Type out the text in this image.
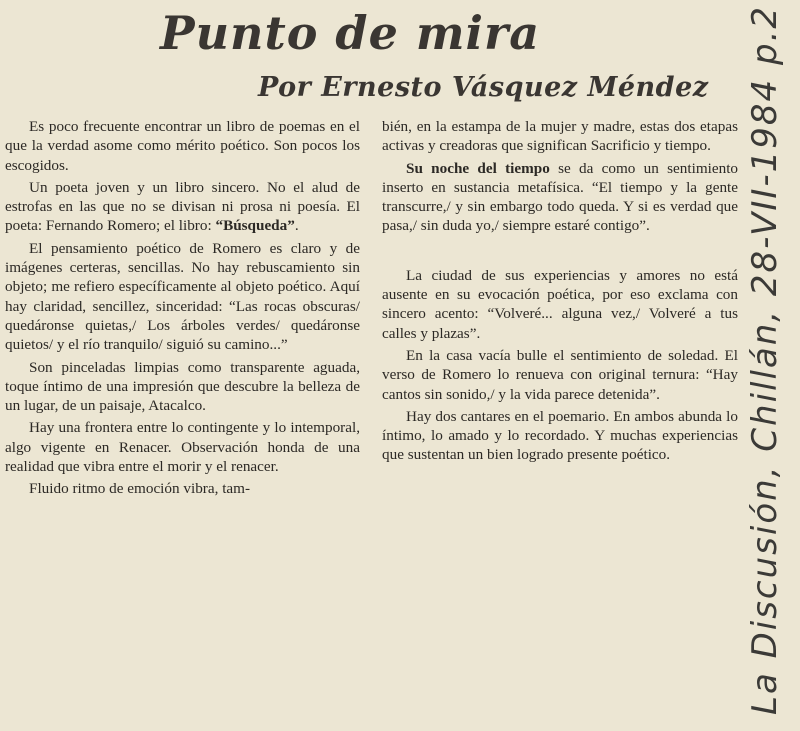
Punto de mira
Por Ernesto Vásquez Méndez

Es poco frecuente encontrar un libro de poemas en el que la verdad asome como mérito poético. Son pocos los escogidos.

Un poeta joven y un libro sincero. No el alud de estrofas en las que no se divisan ni prosa ni poesía. El poeta: Fernando Romero; el libro: “Búsqueda”.

El pensamiento poético de Romero es claro y de imágenes certeras, sencillas. No hay rebuscamiento sin objeto; me refiero específicamente al objeto poético. Aquí hay claridad, sencillez, sinceridad: “Las rocas obscuras/ quedáronse quietas,/ Los árboles verdes/ quedáronse quietos/ y el río tranquilo/ siguió su camino...”

Son pinceladas limpias como transparente aguada, toque íntimo de una impresión que descubre la belleza de un lugar, de un paisaje, Atacalco.

Hay una frontera entre lo contingente y lo intemporal, algo vigente en Renacer. Observación honda de una realidad que vibra entre el morir y el renacer.

Fluido ritmo de emoción vibra, tam-

bién, en la estampa de la mujer y madre, estas dos etapas activas y creadoras que significan Sacrificio y tiempo.

Su noche del tiempo se da como un sentimiento inserto en sustancia metafísica. “El tiempo y la gente transcurre,/ y sin embargo todo queda. Y si es verdad que pasa,/ sin duda yo,/ siempre estaré contigo”.

La ciudad de sus experiencias y amores no está ausente en su evocación poética, por eso exclama con sincero acento: “Volveré... alguna vez,/ Volveré a tus calles y plazas”.

En la casa vacía bulle el sentimiento de soledad. El verso de Romero lo renueva con original ternura: “Hay cantos sin sonido,/ y la vida parece detenida”.

Hay dos cantares en el poemario. En ambos abunda lo íntimo, lo amado y lo recordado. Y muchas experiencias que sustentan un bien logrado presente poético.	La Discusión, Chillán, 28-VII-1984 p.2
